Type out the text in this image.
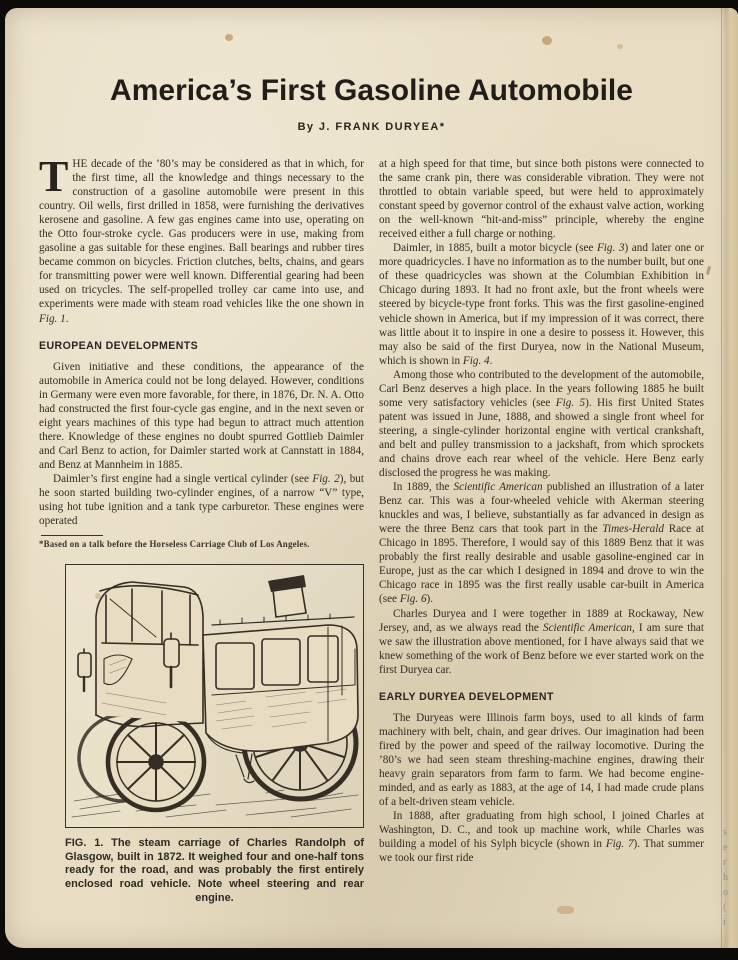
America’s First Gasoline Automobile
By J. FRANK DURYEA*

THE decade of the ’80’s may be considered as that in which, for the first time, all the knowledge and things necessary to the construction of a gasoline automobile were present in this country. Oil wells, first drilled in 1858, were furnishing the derivatives kerosene and gasoline. A few gas engines came into use, operating on the Otto four-stroke cycle. Gas producers were in use, making from gasoline a gas suitable for these engines. Ball bearings and rubber tires became common on bicycles. Friction clutches, belts, chains, and gears for transmitting power were well known. Differential gearing had been used on tricycles. The self-propelled trolley car came into use, and experiments were made with steam road vehicles like the one shown in Fig. 1.

EUROPEAN DEVELOPMENTS

Given initiative and these conditions, the appearance of the automobile in America could not be long delayed. However, conditions in Germany were even more favorable, for there, in 1876, Dr. N. A. Otto had constructed the first four-cycle gas engine, and in the next seven or eight years machines of this type had begun to attract much attention there. Knowledge of these engines no doubt spurred Gottlieb Daimler and Carl Benz to action, for Daimler started work at Cannstatt in 1884, and Benz at Mannheim in 1885.

Daimler’s first engine had a single vertical cylinder (see Fig. 2), but he soon started building two-cylinder engines, of a narrow “V” type, using hot tube ignition and a tank type carburetor. These engines were operated

*Based on a talk before the Horseless Carriage Club of Los Angeles.

FIG. 1. The steam carriage of Charles Randolph of Glasgow, built in 1872. It weighed four and one-half tons ready for the road, and was probably the first entirely enclosed road vehicle. Note wheel steering and rear engine.

at a high speed for that time, but since both pistons were connected to the same crank pin, there was considerable vibration. They were not throttled to obtain variable speed, but were held to approximately constant speed by governor control of the exhaust valve action, working on the well-known “hit-and-miss” principle, whereby the engine received either a full charge or nothing.

Daimler, in 1885, built a motor bicycle (see Fig. 3) and later one or more quadricycles. I have no information as to the number built, but one of these quadricycles was shown at the Columbian Exhibition in Chicago during 1893. It had no front axle, but the front wheels were steered by bicycle-type front forks. This was the first gasoline-engined vehicle shown in America, but if my impression of it was correct, there was little about it to inspire in one a desire to possess it. However, this may also be said of the first Duryea, now in the National Museum, which is shown in Fig. 4.

Among those who contributed to the development of the automobile, Carl Benz deserves a high place. In the years following 1885 he built some very satisfactory vehicles (see Fig. 5). His first United States patent was issued in June, 1888, and showed a single front wheel for steering, a single-cylinder horizontal engine with vertical crankshaft, and belt and pulley transmission to a jackshaft, from which sprockets and chains drove each rear wheel of the vehicle. Here Benz early disclosed the progress he was making.

In 1889, the Scientific American published an illustration of a later Benz car. This was a four-wheeled vehicle with Akerman steering knuckles and was, I believe, substantially as far advanced in design as were the three Benz cars that took part in the Times-Herald Race at Chicago in 1895. Therefore, I would say of this 1889 Benz that it was probably the first really desirable and usable gasoline-engined car in Europe, just as the car which I designed in 1894 and drove to win the Chicago race in 1895 was the first really usable car-built in America (see Fig. 6).

Charles Duryea and I were together in 1889 at Rockaway, New Jersey, and, as we always read the Scientific American, I am sure that we saw the illustration above mentioned, for I have always said that we knew something of the work of Benz before we ever started work on the first Duryea car.

EARLY DURYEA DEVELOPMENT

The Duryeas were Illinois farm boys, used to all kinds of farm machinery with belt, chain, and gear drives. Our imagination had been fired by the power and speed of the railway locomotive. During the ’80’s we had seen steam threshing-machine engines, drawing their heavy grain separators from farm to farm. We had become engine-minded, and as early as 1883, at the age of 14, I had made crude plans of a belt-driven steam vehicle.

In 1888, after graduating from high school, I joined Charles at Washington, D. C., and took up machine work, while Charles was building a model of his Sylph bicycle (shown in Fig. 7). That summer we took our first ride

s
e
r
h
o
(
i
